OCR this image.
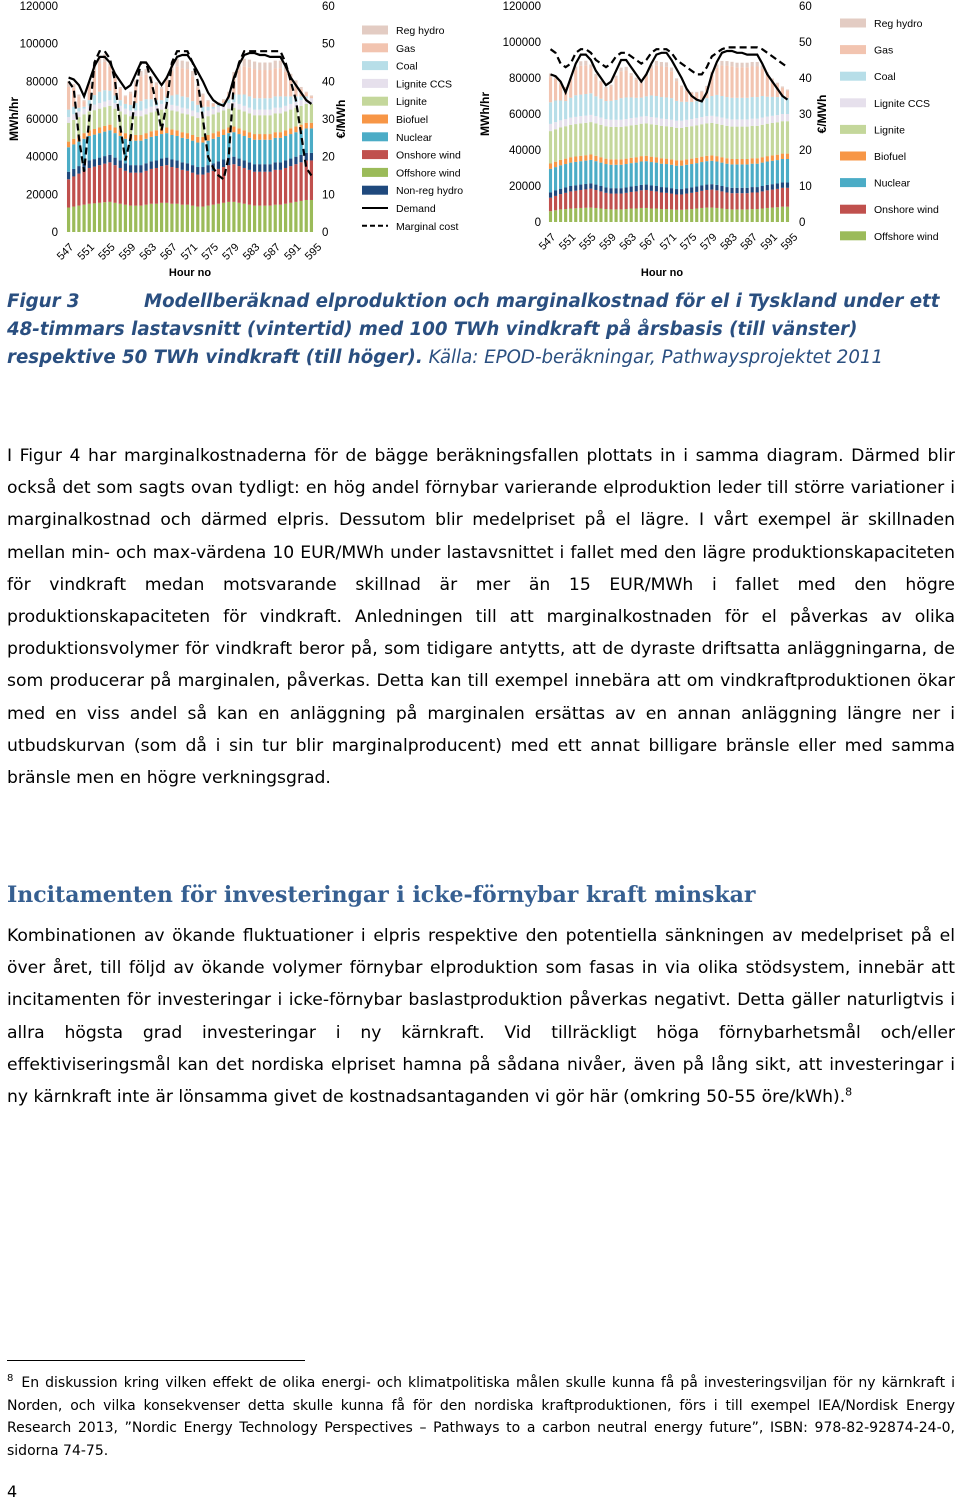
0
20000
40000
60000
80000
100000
120000
0
10
20
30
40
50
60
MWh/hr	€/MWh
Hour no
547 551 555 559 563 567 571 575 579 583 587 591 595
Reg hydro
Gas
Coal
Lignite CCS
Lignite
Biofuel
Nuclear
Onshore wind
Offshore wind
Non-reg hydro
Demand
Marginal cost	0
20000
40000
60000
80000
100000
120000
0
10
20
30
40
50
60
MWh/hr	€/MWh
Hour no
547
551
555
559
563
567
571
575
579
583
587
591
595
Reg hydro
Gas
Coal
Lignite CCS
Lignite
Biofuel
Nuclear
Onshore wind
Offshore wind
Figur 3	Modellberäknad elproduktion och marginalkostnad för el i Tyskland under ett 48-timmars lastavsnitt (vintertid) med 100 TWh vindkraft på årsbasis (till vänster) respektive 50 TWh vindkraft (till höger). Källa: EPOD-beräkningar, Pathwaysprojektet 2011

I Figur 4 har marginalkostnaderna för de bägge beräkningsfallen plottats in i samma diagram. Därmed blir också det som sagts ovan tydligt: en hög andel förnybar varierande elproduktion leder till större variationer i marginalkostnad och därmed elpris. Dessutom blir medelpriset på el lägre. I vårt exempel är skillnaden mellan min- och max-värdena 10 EUR/MWh under lastavsnittet i fallet med den lägre produktionskapaciteten för vindkraft medan motsvarande skillnad är mer än 15 EUR/MWh i fallet med den högre produktionskapaciteten för vindkraft. Anledningen till att marginalkostnaden för el påverkas av olika produktionsvolymer för vindkraft beror på, som tidigare antytts, att de dyraste driftsatta anläggningarna, de som producerar på marginalen, påverkas. Detta kan till exempel innebära att om vindkraftproduktionen ökar med en viss andel så kan en anläggning på marginalen ersättas av en annan anläggning längre ner i utbudskurvan (som då i sin tur blir marginalproducent) med ett annat billigare bränsle eller med samma bränsle men en högre verkningsgrad.

Incitamenten för investeringar i icke-förnybar kraft minskar

Kombinationen av ökande fluktuationer i elpris respektive den potentiella sänkningen av medelpriset på el över året, till följd av ökande volymer förnybar elproduktion som fasas in via olika stödsystem, innebär att incitamenten för investeringar i icke-förnybar baslastproduktion påverkas negativt. Detta gäller naturligtvis i allra högsta grad investeringar i ny kärnkraft. Vid tillräckligt höga förnybarhetsmål och/eller effektiviseringsmål kan det nordiska elpriset hamna på sådana nivåer, även på lång sikt, att investeringar i ny kärnkraft inte är lönsamma givet de kostnadsantaganden vi gör här (omkring 50-55 öre/kWh).$^8$

$^8$ En diskussion kring vilken effekt de olika energi- och klimatpolitiska målen skulle kunna få på investeringsviljan för ny kärnkraft i Norden, och vilka konsekvenser detta skulle kunna få för den nordiska kraftproduktionen, förs i till exempel IEA/Nordisk Energy Research 2013, ”Nordic Energy Technology Perspectives – Pathways to a carbon neutral energy future”, ISBN: 978-82-92874-24-0, sidorna 74-75.

4
